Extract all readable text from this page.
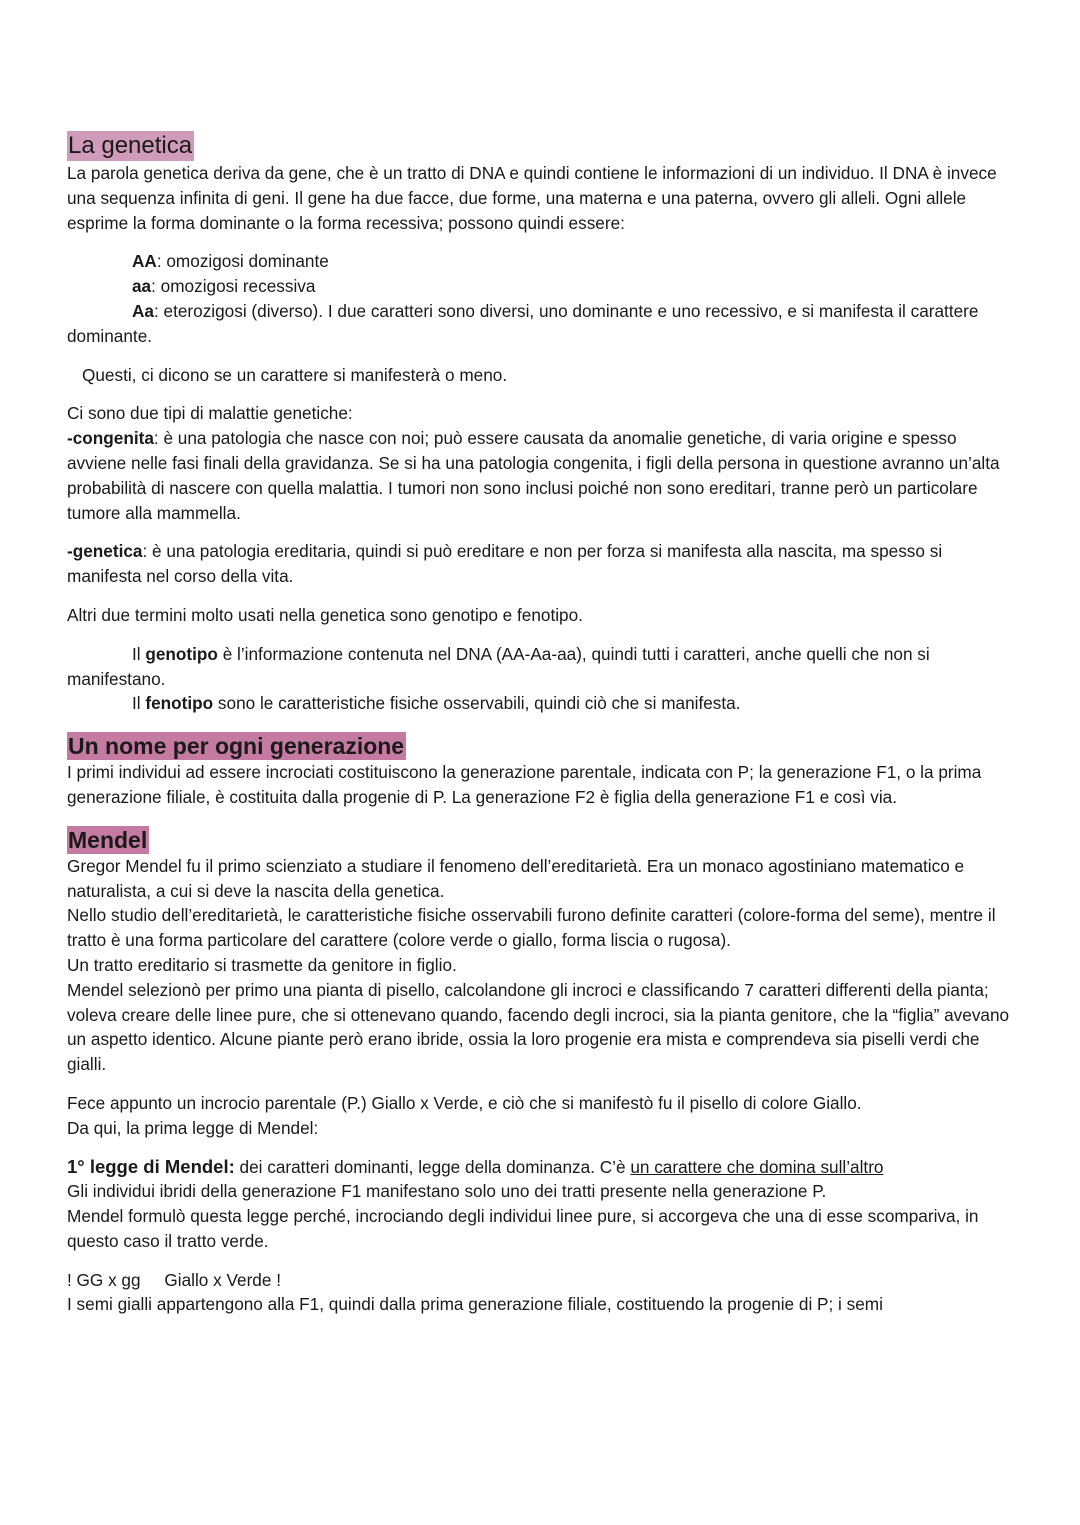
La genetica

La parola genetica deriva da gene, che è un tratto di DNA e quindi contiene le informazioni di un individuo. Il DNA è invece una sequenza infinita di geni. Il gene ha due facce, due forme, una materna e una paterna, ovvero gli alleli. Ogni allele esprime la forma dominante o la forma recessiva; possono quindi essere:

AA: omozigosi dominante

aa: omozigosi recessiva

Aa: eterozigosi (diverso). I due caratteri sono diversi, uno dominante e uno recessivo, e si manifesta il carattere dominante.

Questi, ci dicono se un carattere si manifesterà o meno.

Ci sono due tipi di malattie genetiche:

-congenita: è una patologia che nasce con noi; può essere causata da anomalie genetiche, di varia origine e spesso avviene nelle fasi finali della gravidanza. Se si ha una patologia congenita, i figli della persona in questione avranno un’alta probabilità di nascere con quella malattia. I tumori non sono inclusi poiché non sono ereditari, tranne però un particolare tumore alla mammella.

-genetica: è una patologia ereditaria, quindi si può ereditare e non per forza si manifesta alla nascita, ma spesso si manifesta nel corso della vita.

Altri due termini molto usati nella genetica sono genotipo e fenotipo.

Il genotipo è l’informazione contenuta nel DNA (AA-Aa-aa), quindi tutti i caratteri, anche quelli che non si manifestano.

Il fenotipo sono le caratteristiche fisiche osservabili, quindi ciò che si manifesta.

Un nome per ogni generazione

I primi individui ad essere incrociati costituiscono la generazione parentale, indicata con P; la generazione F1, o la prima generazione filiale, è costituita dalla progenie di P. La generazione F2 è figlia della generazione F1 e così via.

Mendel

Gregor Mendel fu il primo scienziato a studiare il fenomeno dell’ereditarietà. Era un monaco agostiniano matematico e naturalista, a cui si deve la nascita della genetica.

Nello studio dell’ereditarietà, le caratteristiche fisiche osservabili furono definite caratteri (colore-forma del seme), mentre il tratto è una forma particolare del carattere (colore verde o giallo, forma liscia o rugosa).

Un tratto ereditario si trasmette da genitore in figlio.

Mendel selezionò per primo una pianta di pisello, calcolandone gli incroci e classificando 7 caratteri differenti della pianta; voleva creare delle linee pure, che si ottenevano quando, facendo degli incroci, sia la pianta genitore, che la “figlia” avevano un aspetto identico. Alcune piante però erano ibride, ossia la loro progenie era mista e comprendeva sia piselli verdi che gialli.

Fece appunto un incrocio parentale (P.) Giallo x Verde, e ciò che si manifestò fu il pisello di colore Giallo.

Da qui, la prima legge di Mendel:

1° legge di Mendel: dei caratteri dominanti, legge della dominanza. C’è un carattere che domina sull’altro

Gli individui ibridi della generazione F1 manifestano solo uno dei tratti presente nella generazione P.

Mendel formulò questa legge perché, incrociando degli individui linee pure, si accorgeva che una di esse scompariva, in questo caso il tratto verde.

! GG x gg     Giallo x Verde !

I semi gialli appartengono alla F1, quindi dalla prima generazione filiale, costituendo la progenie di P; i semi
